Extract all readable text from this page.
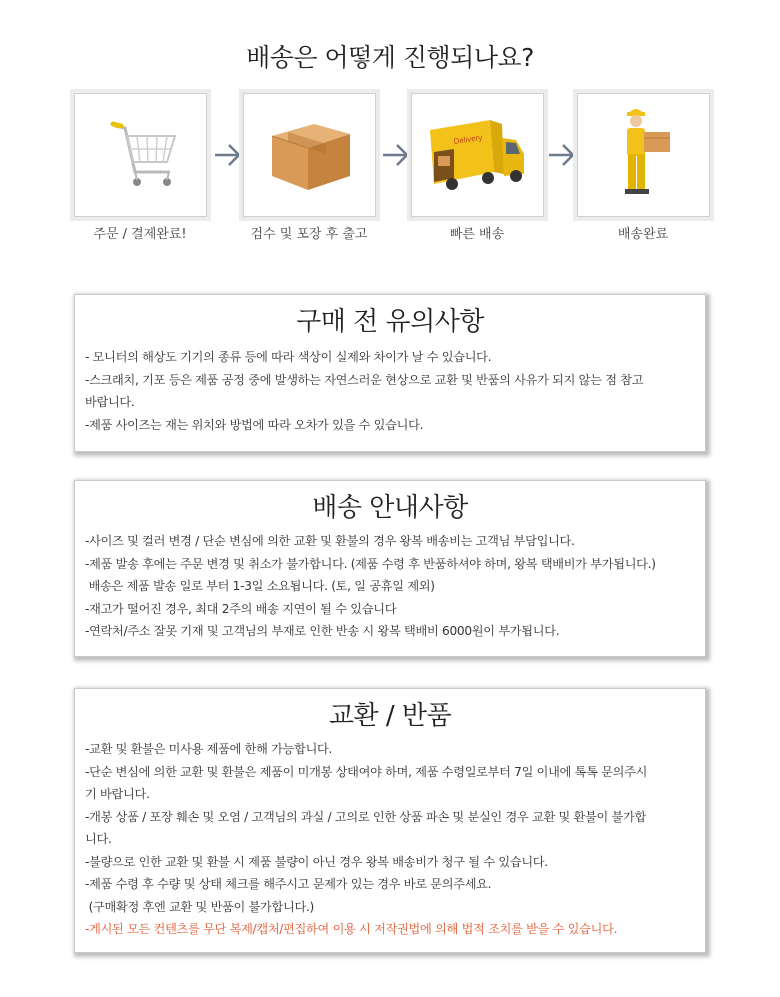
배송은 어떻게 진행되나요?
주문 / 결제완료!	검수 및 포장 후 출고
Delivery
빠른 배송	배송완료
구매 전 유의사항
- 모니터의 해상도 기기의 종류 등에 따라 색상이 실제와 차이가 날 수 있습니다.
-스크래치, 기포 등은 제품 공정 중에 발생하는 자연스러운 현상으로 교환 및 반품의 사유가 되지 않는 점 참고
바랍니다.
-제품 사이즈는 재는 위치와 방법에 따라 오차가 있을 수 있습니다.
배송 안내사항
-사이즈 및 컬러 변경 / 단순 변심에 의한 교환 및 환불의 경우 왕복 배송비는 고객님 부담입니다.
-제품 발송 후에는 주문 변경 및 취소가 불가합니다. (제품 수령 후 반품하셔야 하며, 왕복 택배비가 부가됩니다.)
배송은 제품 발송 일로 부터 1-3일 소요됩니다. (토, 일 공휴일 제외)
-재고가 떨어진 경우, 최대 2주의 배송 지연이 될 수 있습니다
-연락처/주소 잘못 기재 및 고객님의 부재로 인한 반송 시 왕복 택배비 6000원이 부가됩니다.
교환 / 반품
-교환 및 환불은 미사용 제품에 한해 가능합니다.
-단순 변심에 의한 교환 및 환불은 제품이 미개봉 상태여야 하며, 제품 수령일로부터 7일 이내에 톡톡 문의주시
기 바랍니다.
-개봉 상품 / 포장 훼손 및 오염 / 고객님의 과실 / 고의로 인한 상품 파손 및 분실인 경우 교환 및 환불이 불가합
니다.
-불량으로 인한 교환 및 환불 시 제품 불량이 아닌 경우 왕복 배송비가 청구 될 수 있습니다.
-제품 수령 후 수량 및 상태 체크를 해주시고 문제가 있는 경우 바로 문의주세요.
(구매확정 후엔 교환 및 반품이 불가합니다.)
-게시된 모든 컨텐츠를 무단 복제/캡처/편집하여 이용 시 저작권법에 의해 법적 조치를 받을 수 있습니다.
